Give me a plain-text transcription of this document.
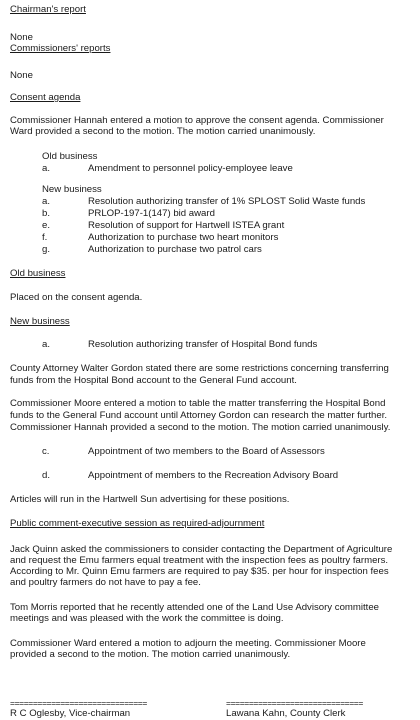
Chairman's report
None
Commissioners' reports
None
Consent agenda
Commissioner Hannah entered a motion to approve the consent agenda. Commissioner
Ward provided a second to the motion. The motion carried unanimously.
Old business
a.	Amendment to personnel policy-employee leave
New business
a.	Resolution authorizing transfer of 1% SPLOST Solid Waste funds
b.	PRLOP-197-1(147) bid award
e.	Resolution of support for Hartwell ISTEA grant
f.	Authorization to purchase two heart monitors
g.	Authorization to purchase two patrol cars
Old business
Placed on the consent agenda.
New business
a.	Resolution authorizing transfer of Hospital Bond funds
County Attorney Walter Gordon stated there are some restrictions concerning transferring
funds from the Hospital Bond account to the General Fund account.
Commissioner Moore entered a motion to table the matter transferring the Hospital Bond
funds to the General Fund account until Attorney Gordon can research the matter further.
Commissioner Hannah provided a second to the motion. The motion carried unanimously.
c.	Appointment of two members to the Board of Assessors
d.	Appointment of members to the Recreation Advisory Board
Articles will run in the Hartwell Sun advertising for these positions.
Public comment-executive session as required-adjournment
Jack Quinn asked the commissioners to consider contacting the Department of Agriculture
and request the Emu farmers equal treatment with the inspection fees as poultry farmers.
According to Mr. Quinn Emu farmers are required to pay $35. per hour for inspection fees
and poultry farmers do not have to pay a fee.
Tom Morris reported that he recently attended one of the Land Use Advisory committee
meetings and was pleased with the work the committee is doing.
Commissioner Ward entered a motion to adjourn the meeting. Commissioner Moore
provided a second to the motion. The motion carried unanimously.
==============================
R C Oglesby, Vice-chairman
==============================
Lawana Kahn, County Clerk
